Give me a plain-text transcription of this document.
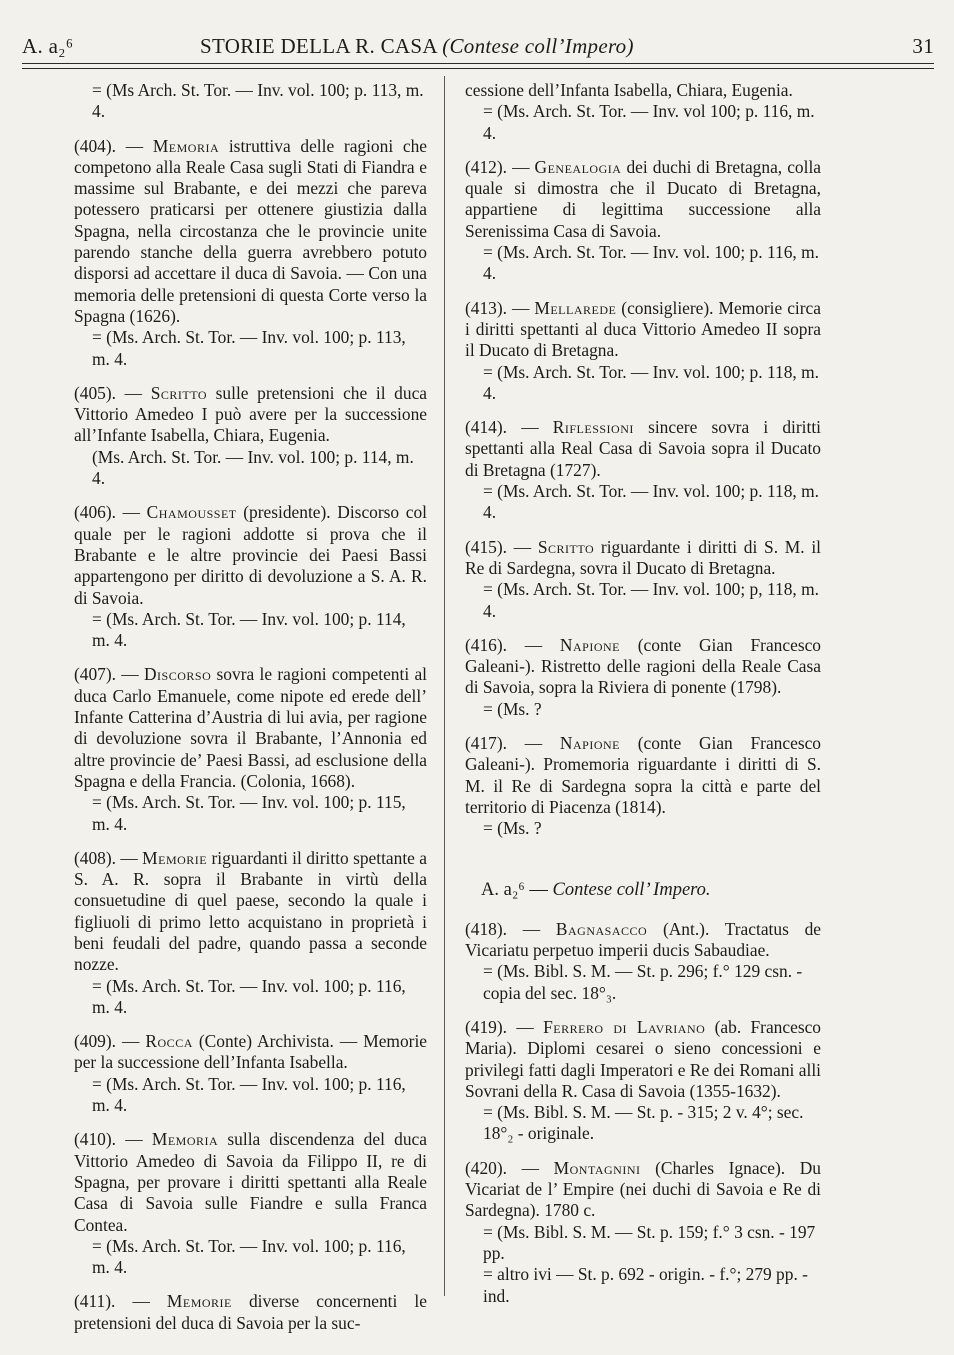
A. a₂⁶	STORIE DELLA R. CASA (Contese coll’Impero)	31

= (Ms Arch. St. Tor. — Inv. vol. 100; p. 113, m. 4.

(404). — Memoria istruttiva delle ragioni che competono alla Reale Casa sugli Stati di Fiandra e massime sul Brabante, e dei mezzi che pareva potessero praticarsi per ottenere giustizia dalla Spagna, nella circostanza che le provincie unite parendo stanche della guerra avrebbero potuto disporsi ad accettare il duca di Savoia. — Con una memoria delle pretensioni di questa Corte verso la Spagna (1626).

= (Ms. Arch. St. Tor. — Inv. vol. 100; p. 113, m. 4.

(405). — Scritto sulle pretensioni che il duca Vittorio Amedeo I può avere per la successione all’Infante Isabella, Chiara, Eugenia.

(Ms. Arch. St. Tor. — Inv. vol. 100; p. 114, m. 4.

(406). — Chamousset (presidente). Discorso col quale per le ragioni addotte si prova che il Brabante e le altre provincie dei Paesi Bassi appartengono per diritto di devoluzione a S. A. R. di Savoia.

= (Ms. Arch. St. Tor. — Inv. vol. 100; p. 114, m. 4.

(407). — Discorso sovra le ragioni competenti al duca Carlo Emanuele, come nipote ed erede dell’ Infante Catterina d’Austria di lui avia, per ragione di devoluzione sovra il Brabante, l’Annonia ed altre provincie de’ Paesi Bassi, ad esclusione della Spagna e della Francia. (Colonia, 1668).

= (Ms. Arch. St. Tor. — Inv. vol. 100; p. 115, m. 4.

(408). — Memorie riguardanti il diritto spettante a S. A. R. sopra il Brabante in virtù della consuetudine di quel paese, secondo la quale i figliuoli di primo letto acquistano in proprietà i beni feudali del padre, quando passa a seconde nozze.

= (Ms. Arch. St. Tor. — Inv. vol. 100; p. 116, m. 4.

(409). — Rocca (Conte) Archivista. — Memorie per la successione dell’Infanta Isabella.

= (Ms. Arch. St. Tor. — Inv. vol. 100; p. 116, m. 4.

(410). — Memoria sulla discendenza del duca Vittorio Amedeo di Savoia da Filippo II, re di Spagna, per provare i diritti spettanti alla Reale Casa di Savoia sulle Fiandre e sulla Franca Contea.

= (Ms. Arch. St. Tor. — Inv. vol. 100; p. 116, m. 4.

(411). — Memorie diverse concernenti le pretensioni del duca di Savoia per la suc-

cessione dell’Infanta Isabella, Chiara, Eugenia.

= (Ms. Arch. St. Tor. — Inv. vol 100; p. 116, m. 4.

(412). — Genealogia dei duchi di Bretagna, colla quale si dimostra che il Ducato di Bretagna, appartiene di legittima successione alla Serenissima Casa di Savoia.

= (Ms. Arch. St. Tor. — Inv. vol. 100; p. 116, m. 4.

(413). — Mellarede (consigliere). Memorie circa i diritti spettanti al duca Vittorio Amedeo II sopra il Ducato di Bretagna.

= (Ms. Arch. St. Tor. — Inv. vol. 100; p. 118, m. 4.

(414). — Riflessioni sincere sovra i diritti spettanti alla Real Casa di Savoia sopra il Ducato di Bretagna (1727).

= (Ms. Arch. St. Tor. — Inv. vol. 100; p. 118, m. 4.

(415). — Scritto riguardante i diritti di S. M. il Re di Sardegna, sovra il Ducato di Bretagna.

= (Ms. Arch. St. Tor. — Inv. vol. 100; p, 118, m. 4.

(416). — Napione (conte Gian Francesco Galeani-). Ristretto delle ragioni della Reale Casa di Savoia, sopra la Riviera di ponente (1798).

= (Ms. ?

(417). — Napione (conte Gian Francesco Galeani-). Promemoria riguardante i diritti di S. M. il Re di Sardegna sopra la città e parte del territorio di Piacenza (1814).

= (Ms. ?

A. a₂⁶ — Contese coll’ Impero.

(418). — Bagnasacco (Ant.). Tractatus de Vicariatu perpetuo imperii ducis Sabaudiae.

= (Ms. Bibl. S. M. — St. p. 296; f.° 129 csn. - copia del sec. 18°₃.

(419). — Ferrero di Lavriano (ab. Francesco Maria). Diplomi cesarei o sieno concessioni e privilegi fatti dagli Imperatori e Re dei Romani alli Sovrani della R. Casa di Savoia (1355-1632).

= (Ms. Bibl. S. M. — St. p. - 315; 2 v. 4°; sec. 18°₂ - originale.

(420). — Montagnini (Charles Ignace). Du Vicariat de l’ Empire (nei duchi di Savoia e Re di Sardegna). 1780 c.

= (Ms. Bibl. S. M. — St. p. 159; f.° 3 csn. - 197 pp.

= altro ivi — St. p. 692 - origin. - f.°; 279 pp. - ind.
